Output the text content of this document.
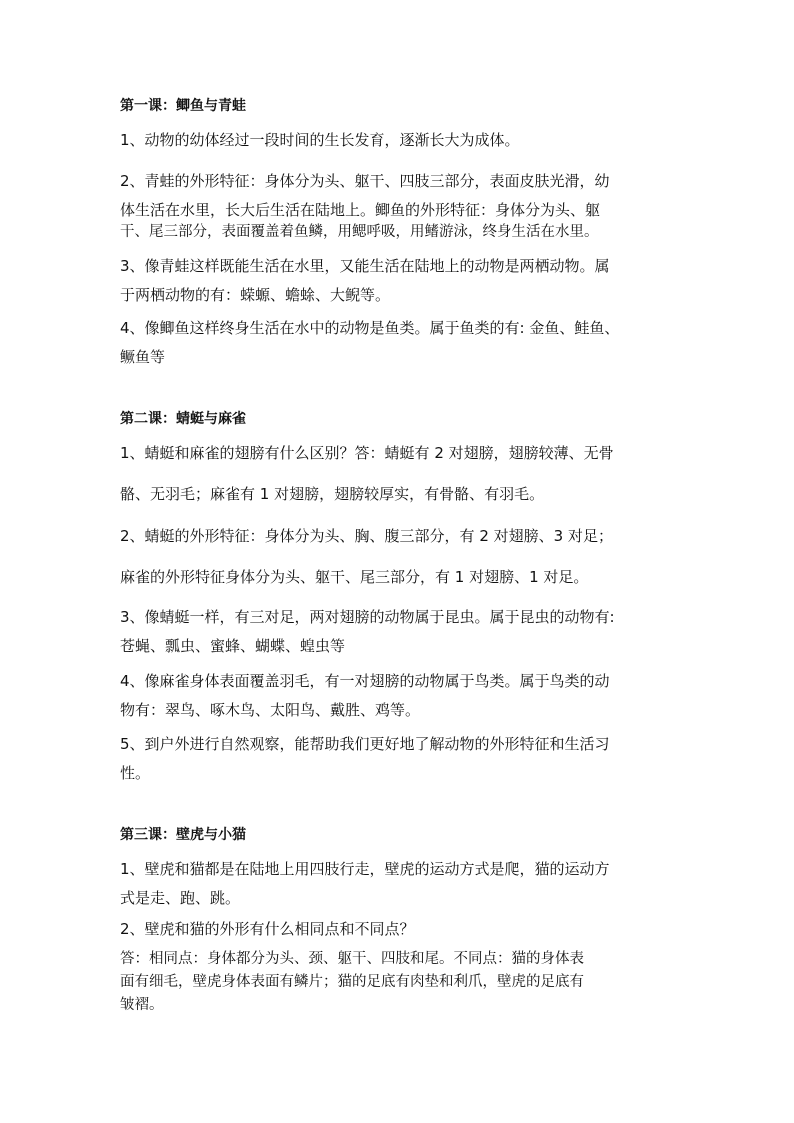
第一课：鲫鱼与青蛙
1、动物的幼体经过一段时间的生长发育，逐渐长大为成体。
2、青蛙的外形特征：身体分为头、躯干、四肢三部分，表面皮肤光滑，幼
体生活在水里，长大后生活在陆地上。鲫鱼的外形特征：身体分为头、躯
干、尾三部分，表面覆盖着鱼鳞，用鳃呼吸，用鳍游泳，终身生活在水里。
3、像青蛙这样既能生活在水里，又能生活在陆地上的动物是两栖动物。属
于两栖动物的有：蝾螈、蟾蜍、大鲵等。
4、像鲫鱼这样终身生活在水中的动物是鱼类。属于鱼类的有: 金鱼、鲑鱼、
鳜鱼等
第二课：蜻蜓与麻雀
1、蜻蜓和麻雀的翅膀有什么区别？答：蜻蜓有 2 对翅膀，翅膀较薄、无骨
骼、无羽毛；麻雀有 1 对翅膀，翅膀较厚实，有骨骼、有羽毛。
2、蜻蜓的外形特征：身体分为头、胸、腹三部分，有 2 对翅膀、3 对足；
麻雀的外形特征身体分为头、躯干、尾三部分，有 1 对翅膀、1 对足。
3、像蜻蜓一样，有三对足，两对翅膀的动物属于昆虫。属于昆虫的动物有:
苍蝇、瓢虫、蜜蜂、蝴蝶、蝗虫等
4、像麻雀身体表面覆盖羽毛，有一对翅膀的动物属于鸟类。属于鸟类的动
物有：翠鸟、啄木鸟、太阳鸟、戴胜、鸡等。
5、到户外进行自然观察，能帮助我们更好地了解动物的外形特征和生活习
性。
第三课：壁虎与小猫
1、壁虎和猫都是在陆地上用四肢行走，壁虎的运动方式是爬，猫的运动方
式是走、跑、跳。
2、壁虎和猫的外形有什么相同点和不同点？
答：相同点：身体都分为头、颈、躯干、四肢和尾。不同点：猫的身体表
面有细毛，壁虎身体表面有鳞片；猫的足底有肉垫和利爪，壁虎的足底有
皱褶。
